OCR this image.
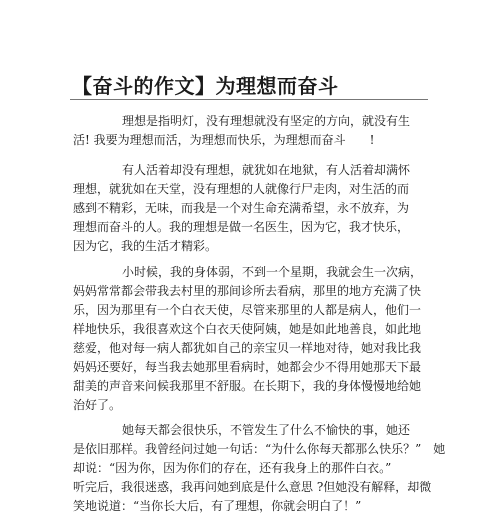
【奋斗的作文】为理想而奋斗
理想是指明灯，没有理想就没有坚定的方向，就没有生
活! 我要为理想而活，为理想而快乐，为理想而奋斗　　!
有人活着却没有理想，就犹如在地狱，有人活着却满怀
理想，就犹如在天堂，没有理想的人就像行尸走肉，对生活的而
感到不精彩，无味，而我是一个对生命充满希望，永不放弃，为
理想而奋斗的人。我的理想是做一名医生，因为它，我才快乐，
因为它，我的生活才精彩。
小时候，我的身体弱，不到一个星期，我就会生一次病，
妈妈常常都会带我去村里的那间诊所去看病，那里的地方充满了快
乐，因为那里有一个白衣天使，尽管来那里的人都是病人，他们一
样地快乐，我很喜欢这个白衣天使阿姨，她是如此地善良，如此地
慈爱，他对每一病人都犹如自己的亲宝贝一样地对待，她对我比我
妈妈还要好，每当我去她那里看病时，她都会少不得用她那天下最
甜美的声音来问候我那里不舒服。在长期下，我的身体慢慢地给她
治好了。
她每天都会很快乐，不管发生了什么不愉快的事，她还
是依旧那样。我曾经问过她一句话：“为什么你每天都那么快乐？”　她
却说：“因为你，因为你们的存在，还有我身上的那件白衣。”
听完后，我很迷惑，我再问她到底是什么意思 ?但她没有解释，却微
笑地说道：“当你长大后，有了理想，你就会明白了！”
